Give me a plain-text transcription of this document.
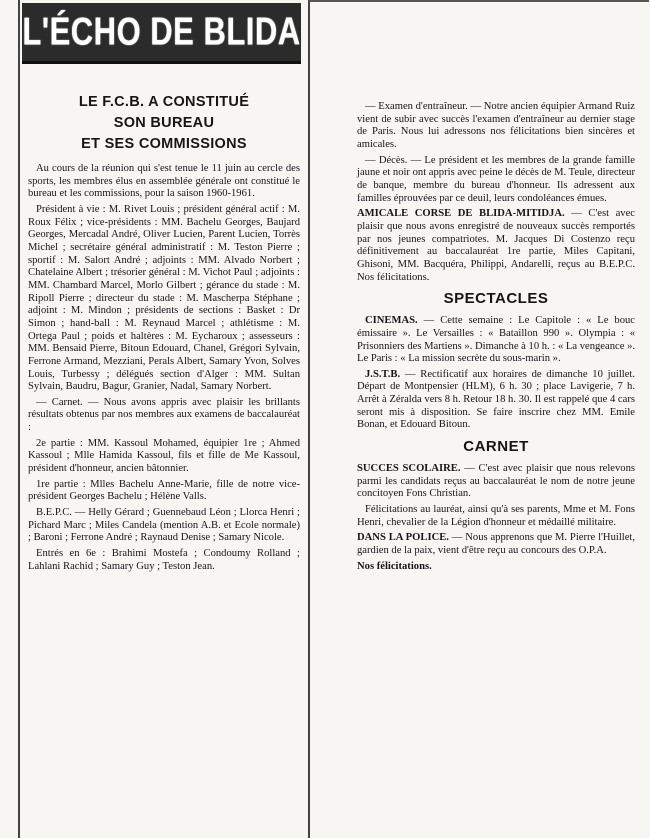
L'ÉCHO DE BLIDA
LE F.C.B. A CONSTITUÉ
SON BUREAU
ET SES COMMISSIONS

Au cours de la réunion qui s'est tenue le 11 juin au cercle des sports, les membres élus en assemblée générale ont constitué le bureau et les commissions, pour la saison 1960-1961.

Président à vie : M. Rivet Louis ; président général actif : M. Roux Félix ; vice-présidents : MM. Bachelu Georges, Baujard Georges, Mercadal André, Oliver Lucien, Parent Lucien, Torrès Michel ; secrétaire général administratif : M. Teston Pierre ; sportif : M. Salort André ; adjoints : MM. Alvado Norbert ; Chatelaine Albert ; trésorier général : M. Vichot Paul ; adjoints : MM. Chambard Marcel, Morlo Gilbert ; gérance du stade : M. Ripoll Pierre ; directeur du stade : M. Mascherpa Stéphane ; adjoint : M. Mindon ; présidents de sections : Basket : Dr Simon ; hand-ball : M. Reynaud Marcel ; athlétisme : M. Ortega Paul ; poids et haltères : M. Eycharoux ; assesseurs : MM. Bensaid Pierre, Bitoun Edouard, Chanel, Grégori Sylvain, Ferrone Armand, Mezziani, Perals Albert, Samary Yvon, Solves Louis, Turbessy ; délégués section d'Alger : MM. Sultan Sylvain, Baudru, Bagur, Granier, Nadal, Samary Norbert.

— Carnet. — Nous avons appris avec plaisir les brillants résultats obtenus par nos membres aux examens de baccalauréat :

2e partie : MM. Kassoul Mohamed, équipier 1re ; Ahmed Kassoul ; Mlle Hamida Kassoul, fils et fille de Me Kassoul, président d'honneur, ancien bâtonnier.

1re partie : Mlles Bachelu Anne-Marie, fille de notre vice-président Georges Bachelu ; Hélène Valls.

B.E.P.C. — Helly Gérard ; Guennebaud Léon ; Llorca Henri ; Pichard Marc ; Miles Candela (mention A.B. et Ecole normale) ; Baroni ; Ferrone André ; Raynaud Denise ; Samary Nicole.

Entrés en 6e : Brahimi Mostefa ; Condoumy Rolland ; Lahlani Rachid ; Samary Guy ; Teston Jean.

— Examen d'entraîneur. — Notre ancien équipier Armand Ruiz vient de subir avec succès l'examen d'entraîneur au dernier stage de Paris. Nous lui adressons nos félicitations bien sincères et amicales.

— Décès. — Le président et les membres de la grande famille jaune et noir ont appris avec peine le décès de M. Teule, directeur de banque, membre du bureau d'honneur. Ils adressent aux familles éprouvées par ce deuil, leurs condoléances émues.

AMICALE CORSE DE BLIDA-MITIDJA. — C'est avec plaisir que nous avons enregistré de nouveaux succès remportés par nos jeunes compatriotes. M. Jacques Di Costenzo reçu définitivement au baccalauréat 1re partie, Miles Capitani, Ghisoni, MM. Bacquéra, Philippi, Andarelli, reçus au B.E.P.C. Nos félicitations.

SPECTACLES

CINEMAS. — Cette semaine : Le Capitole : « Le bouc émissaire ». Le Versailles : « Bataillon 990 ». Olympia : « Prisonniers des Martiens ». Dimanche à 10 h. : « La vengeance ». Le Paris : « La mission secrète du sous-marin ».

J.S.T.B. — Rectificatif aux horaires de dimanche 10 juillet. Départ de Montpensier (HLM), 6 h. 30 ; place Lavigerie, 7 h. Arrêt à Zéralda vers 8 h. Retour 18 h. 30. Il est rappelé que 4 cars seront mis à disposition. Se faire inscrire chez MM. Emile Bonan, et Edouard Bitoun.

CARNET

SUCCES SCOLAIRE. — C'est avec plaisir que nous relevons parmi les candidats reçus au baccalauréat le nom de notre jeune concitoyen Fons Christian.

Félicitations au lauréat, ainsi qu'à ses parents, Mme et M. Fons Henri, chevalier de la Légion d'honneur et médaillé militaire.

DANS LA POLICE. — Nous apprenons que M. Pierre l'Huillet, gardien de la paix, vient d'être reçu au concours des O.P.A.

Nos félicitations.
